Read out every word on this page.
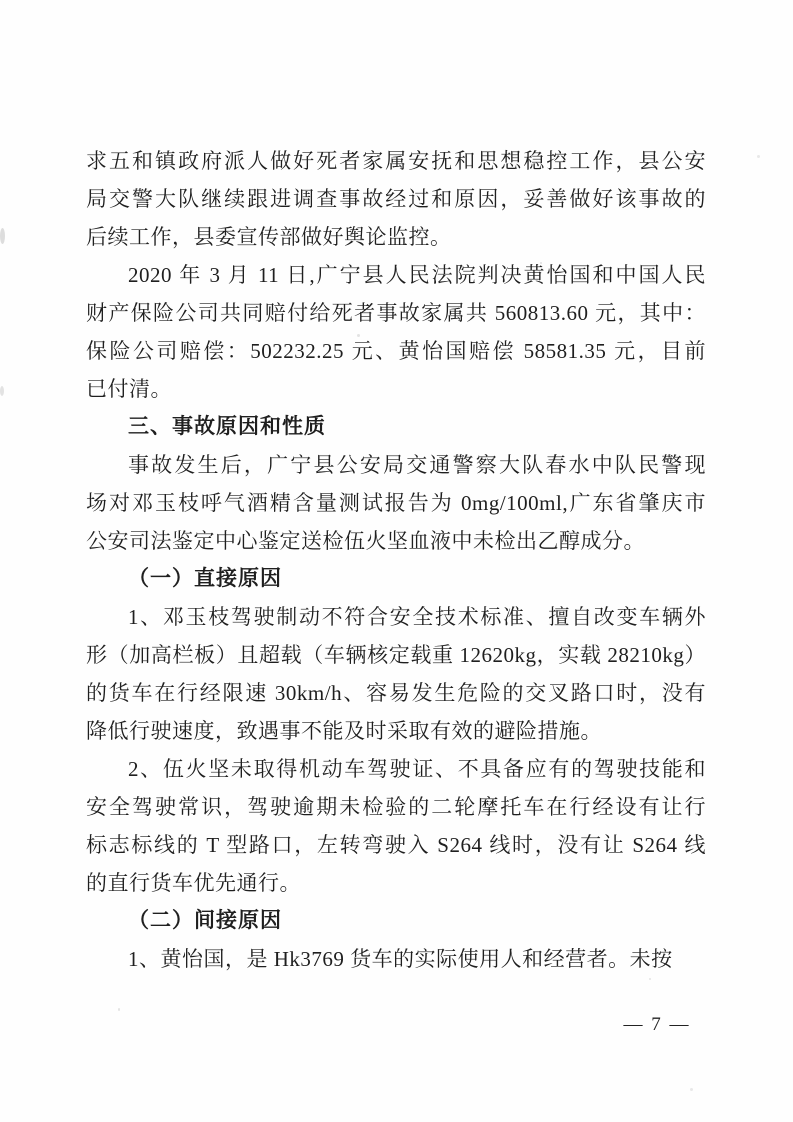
求五和镇政府派人做好死者家属安抚和思想稳控工作，县公安
局交警大队继续跟进调查事故经过和原因，妥善做好该事故的
后续工作，县委宣传部做好舆论监控。
2020 年 3 月 11 日,广宁县人民法院判决黄怡国和中国人民
财产保险公司共同赔付给死者事故家属共 560813.60 元，其中：
保险公司赔偿：502232.25 元、黄怡国赔偿 58581.35 元，目前
已付清。
三、事故原因和性质
事故发生后，广宁县公安局交通警察大队春水中队民警现
场对邓玉枝呼气酒精含量测试报告为 0mg/100ml,广东省肇庆市
公安司法鉴定中心鉴定送检伍火坚血液中未检出乙醇成分。
（一）直接原因
1、邓玉枝驾驶制动不符合安全技术标准、擅自改变车辆外
形（加高栏板）且超载（车辆核定载重 12620kg，实载 28210kg）
的货车在行经限速 30km/h、容易发生危险的交叉路口时，没有
降低行驶速度，致遇事不能及时采取有效的避险措施。
2、伍火坚未取得机动车驾驶证、不具备应有的驾驶技能和
安全驾驶常识，驾驶逾期未检验的二轮摩托车在行经设有让行
标志标线的 T 型路口，左转弯驶入 S264 线时，没有让 S264 线
的直行货车优先通行。
（二）间接原因
1、黄怡国，是 Hk3769 货车的实际使用人和经营者。未按
— 7 —
